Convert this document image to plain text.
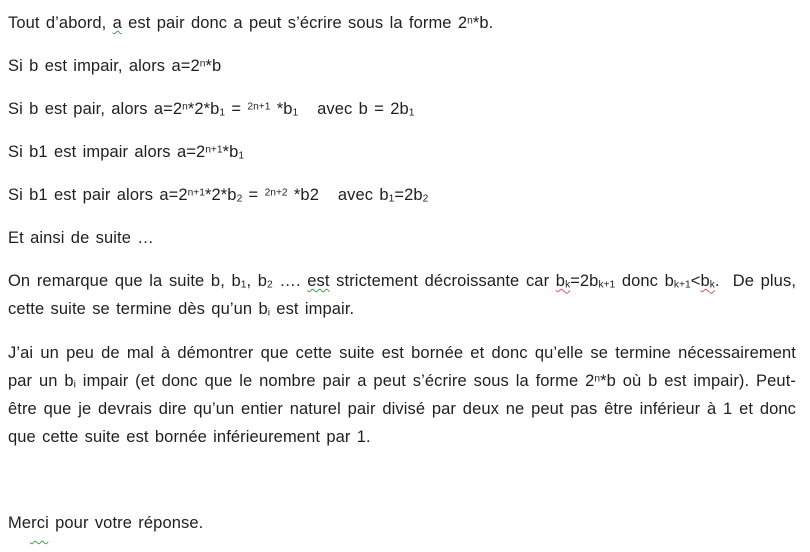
Tout d’abord, a est pair donc a peut s’écrire sous la forme 2$^n$*b.

Si b est impair, alors $a=2^n*b$

Si b est pair, alors $a=2^n*2*b1 = ^{2n+1}$ *b1   avec b = 2b1

Si b1 est impair alors $a=2^{n+1}*b1$

Si b1 est pair alors $a=2^{n+1}*2*b2 = ^{2n+2}$ *b2   avec b1=2b2

Et ainsi de suite …

On remarque que la suite b, b1, b2 …. est strictement décroissante car bk=2bk+1 donc bk+1<bk.  De plus, cette suite se termine dès qu’un bi est impair.

J’ai un peu de mal à démontrer que cette suite est bornée et donc qu’elle se termine nécessairement par un bi impair (et donc que le nombre pair a peut s’écrire sous la forme 2$^n$*b où b est impair). Peut-être que je devrais dire qu’un entier naturel pair divisé par deux ne peut pas être inférieur à 1 et donc que cette suite est bornée inférieurement par 1.

Merci pour votre réponse.
